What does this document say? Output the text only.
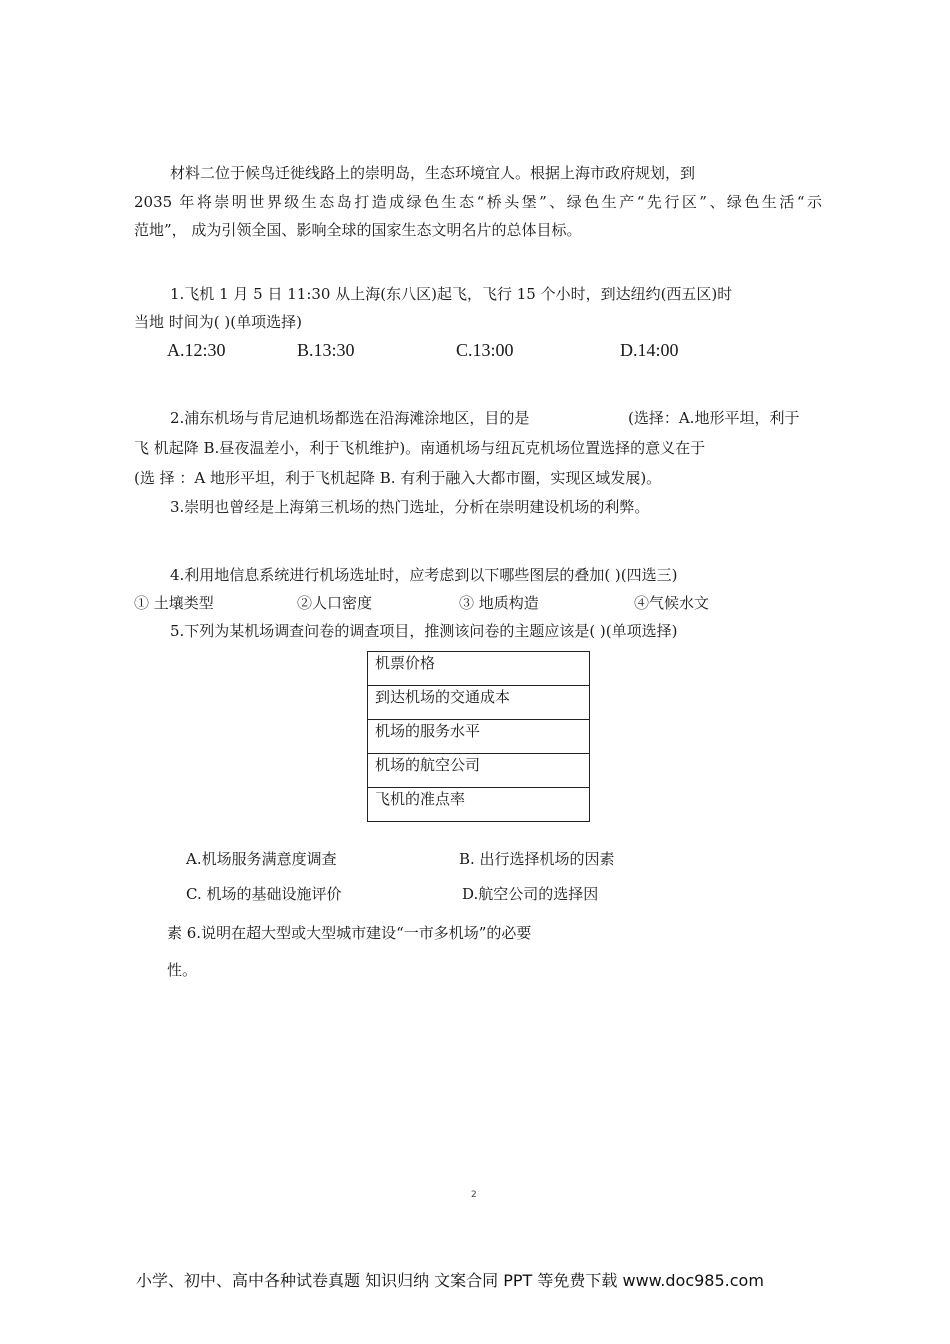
材料二位于候鸟迁徙线路上的崇明岛，生态环境宜人。根据上海市政府规划，到
2035 年将崇明世界级生态岛打造成绿色生态“桥头堡”、绿色生产“先行区”、绿色生活“示
范地”， 成为引领全国、影响全球的国家生态文明名片的总体目标。
1.飞机 1 月 5 日 11:30 从上海(东八区)起飞，飞行 15 个小时，到达纽约(西五区)时
当地 时间为( )(单项选择)
A.12:30	B.13:30	C.13:00	D.14:00
2.浦东机场与肯尼迪机场都选在沿海滩涂地区，目的是	(选择：A.地形平坦，利于
飞 机起降 B.昼夜温差小，利于飞机维护)。南通机场与纽瓦克机场位置选择的意义在于
(选 择 ：A 地形平坦，利于飞机起降 B. 有利于融入大都市圈，实现区域发展)。
3.崇明也曾经是上海第三机场的热门选址，分析在崇明建设机场的利弊。
4.利用地信息系统进行机场选址时，应考虑到以下哪些图层的叠加( )(四选三)
① 土壤类型	②人口密度	③ 地质构造	④气候水文
5.下列为某机场调查问卷的调查项目，推测该问卷的主题应该是( )(单项选择)
机票价格
到达机场的交通成本
机场的服务水平
机场的航空公司
飞机的准点率
A.机场服务满意度调查	B. 出行选择机场的因素
C. 机场的基础设施评价	D.航空公司的选择因
素 6.说明在超大型或大型城市建设“一市多机场”的必要
性。
2
小学、初中、高中各种试卷真题 知识归纳 文案合同 PPT 等免费下载 www.doc985.com
